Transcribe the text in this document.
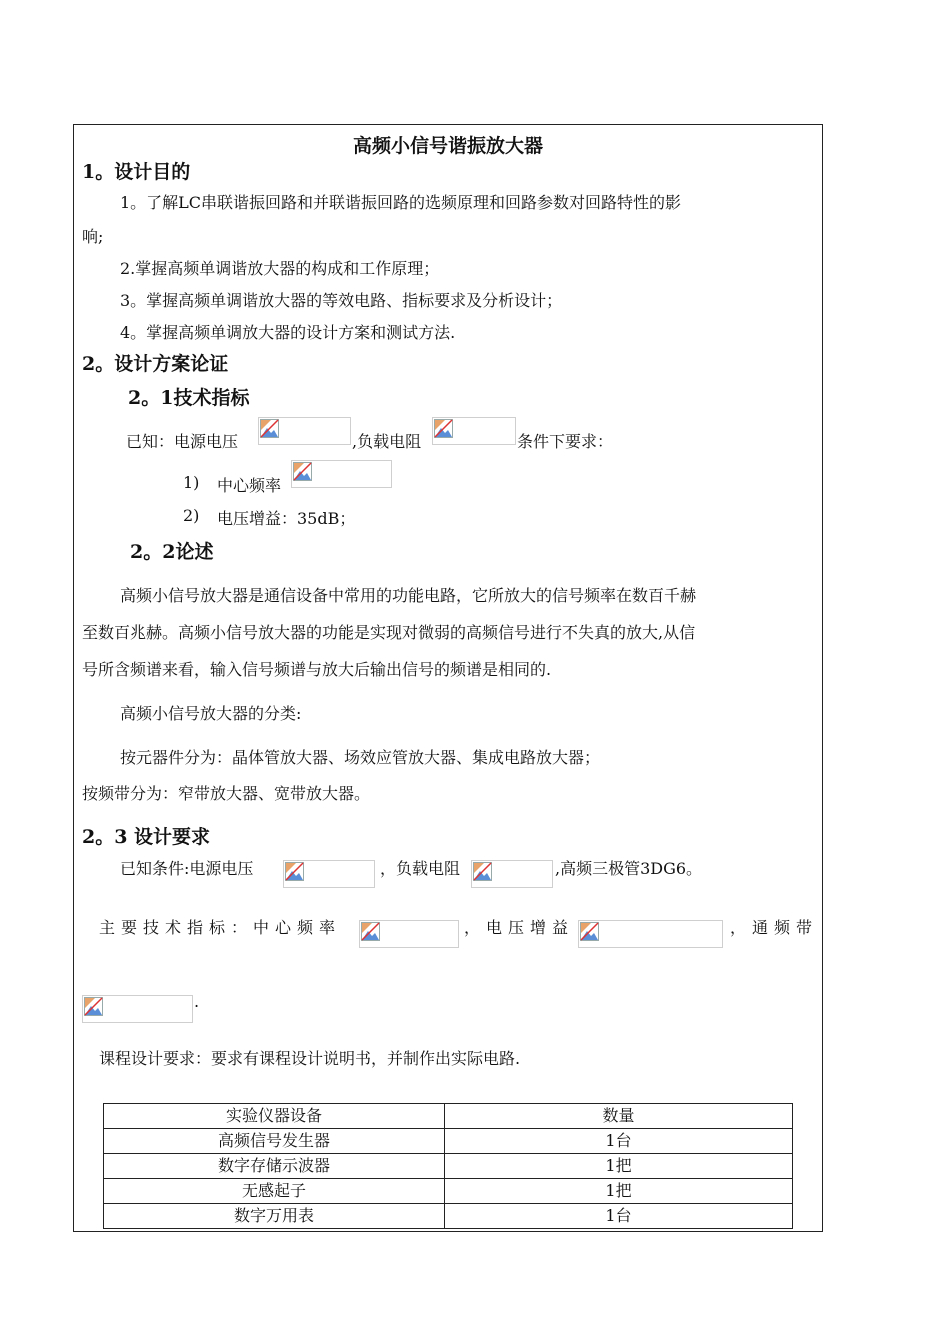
高频小信号谐振放大器
1。设计目的
1。了解LC串联谐振回路和并联谐振回路的选频原理和回路参数对回路特性的影
响;
2.掌握高频单调谐放大器的构成和工作原理；
3。掌握高频单调谐放大器的等效电路、指标要求及分析设计；
4。掌握高频单调放大器的设计方案和测试方法.
2。设计方案论证
2。1技术指标
已知：电源电压	,负载电阻	条件下要求：
1) 中心频率
2) 电压增益：35dB；
2。2论述
高频小信号放大器是通信设备中常用的功能电路，它所放大的信号频率在数百千赫
至数百兆赫。高频小信号放大器的功能是实现对微弱的高频信号进行不失真的放大,从信
号所含频谱来看，输入信号频谱与放大后输出信号的频谱是相同的.
高频小信号放大器的分类:
按元器件分为：晶体管放大器、场效应管放大器、集成电路放大器；
按频带分为：窄带放大器、宽带放大器。
2。3 设计要求
已知条件:电源电压	，负载电阻	,高频三极管3DG6。
主要技术指标：中心频率	，电压增益	，通频带
.
课程设计要求：要求有课程设计说明书，并制作出实际电路.
实验仪器设备	数量
高频信号发生器	1台
数字存储示波器	1把
无感起子	1把
数字万用表	1台
